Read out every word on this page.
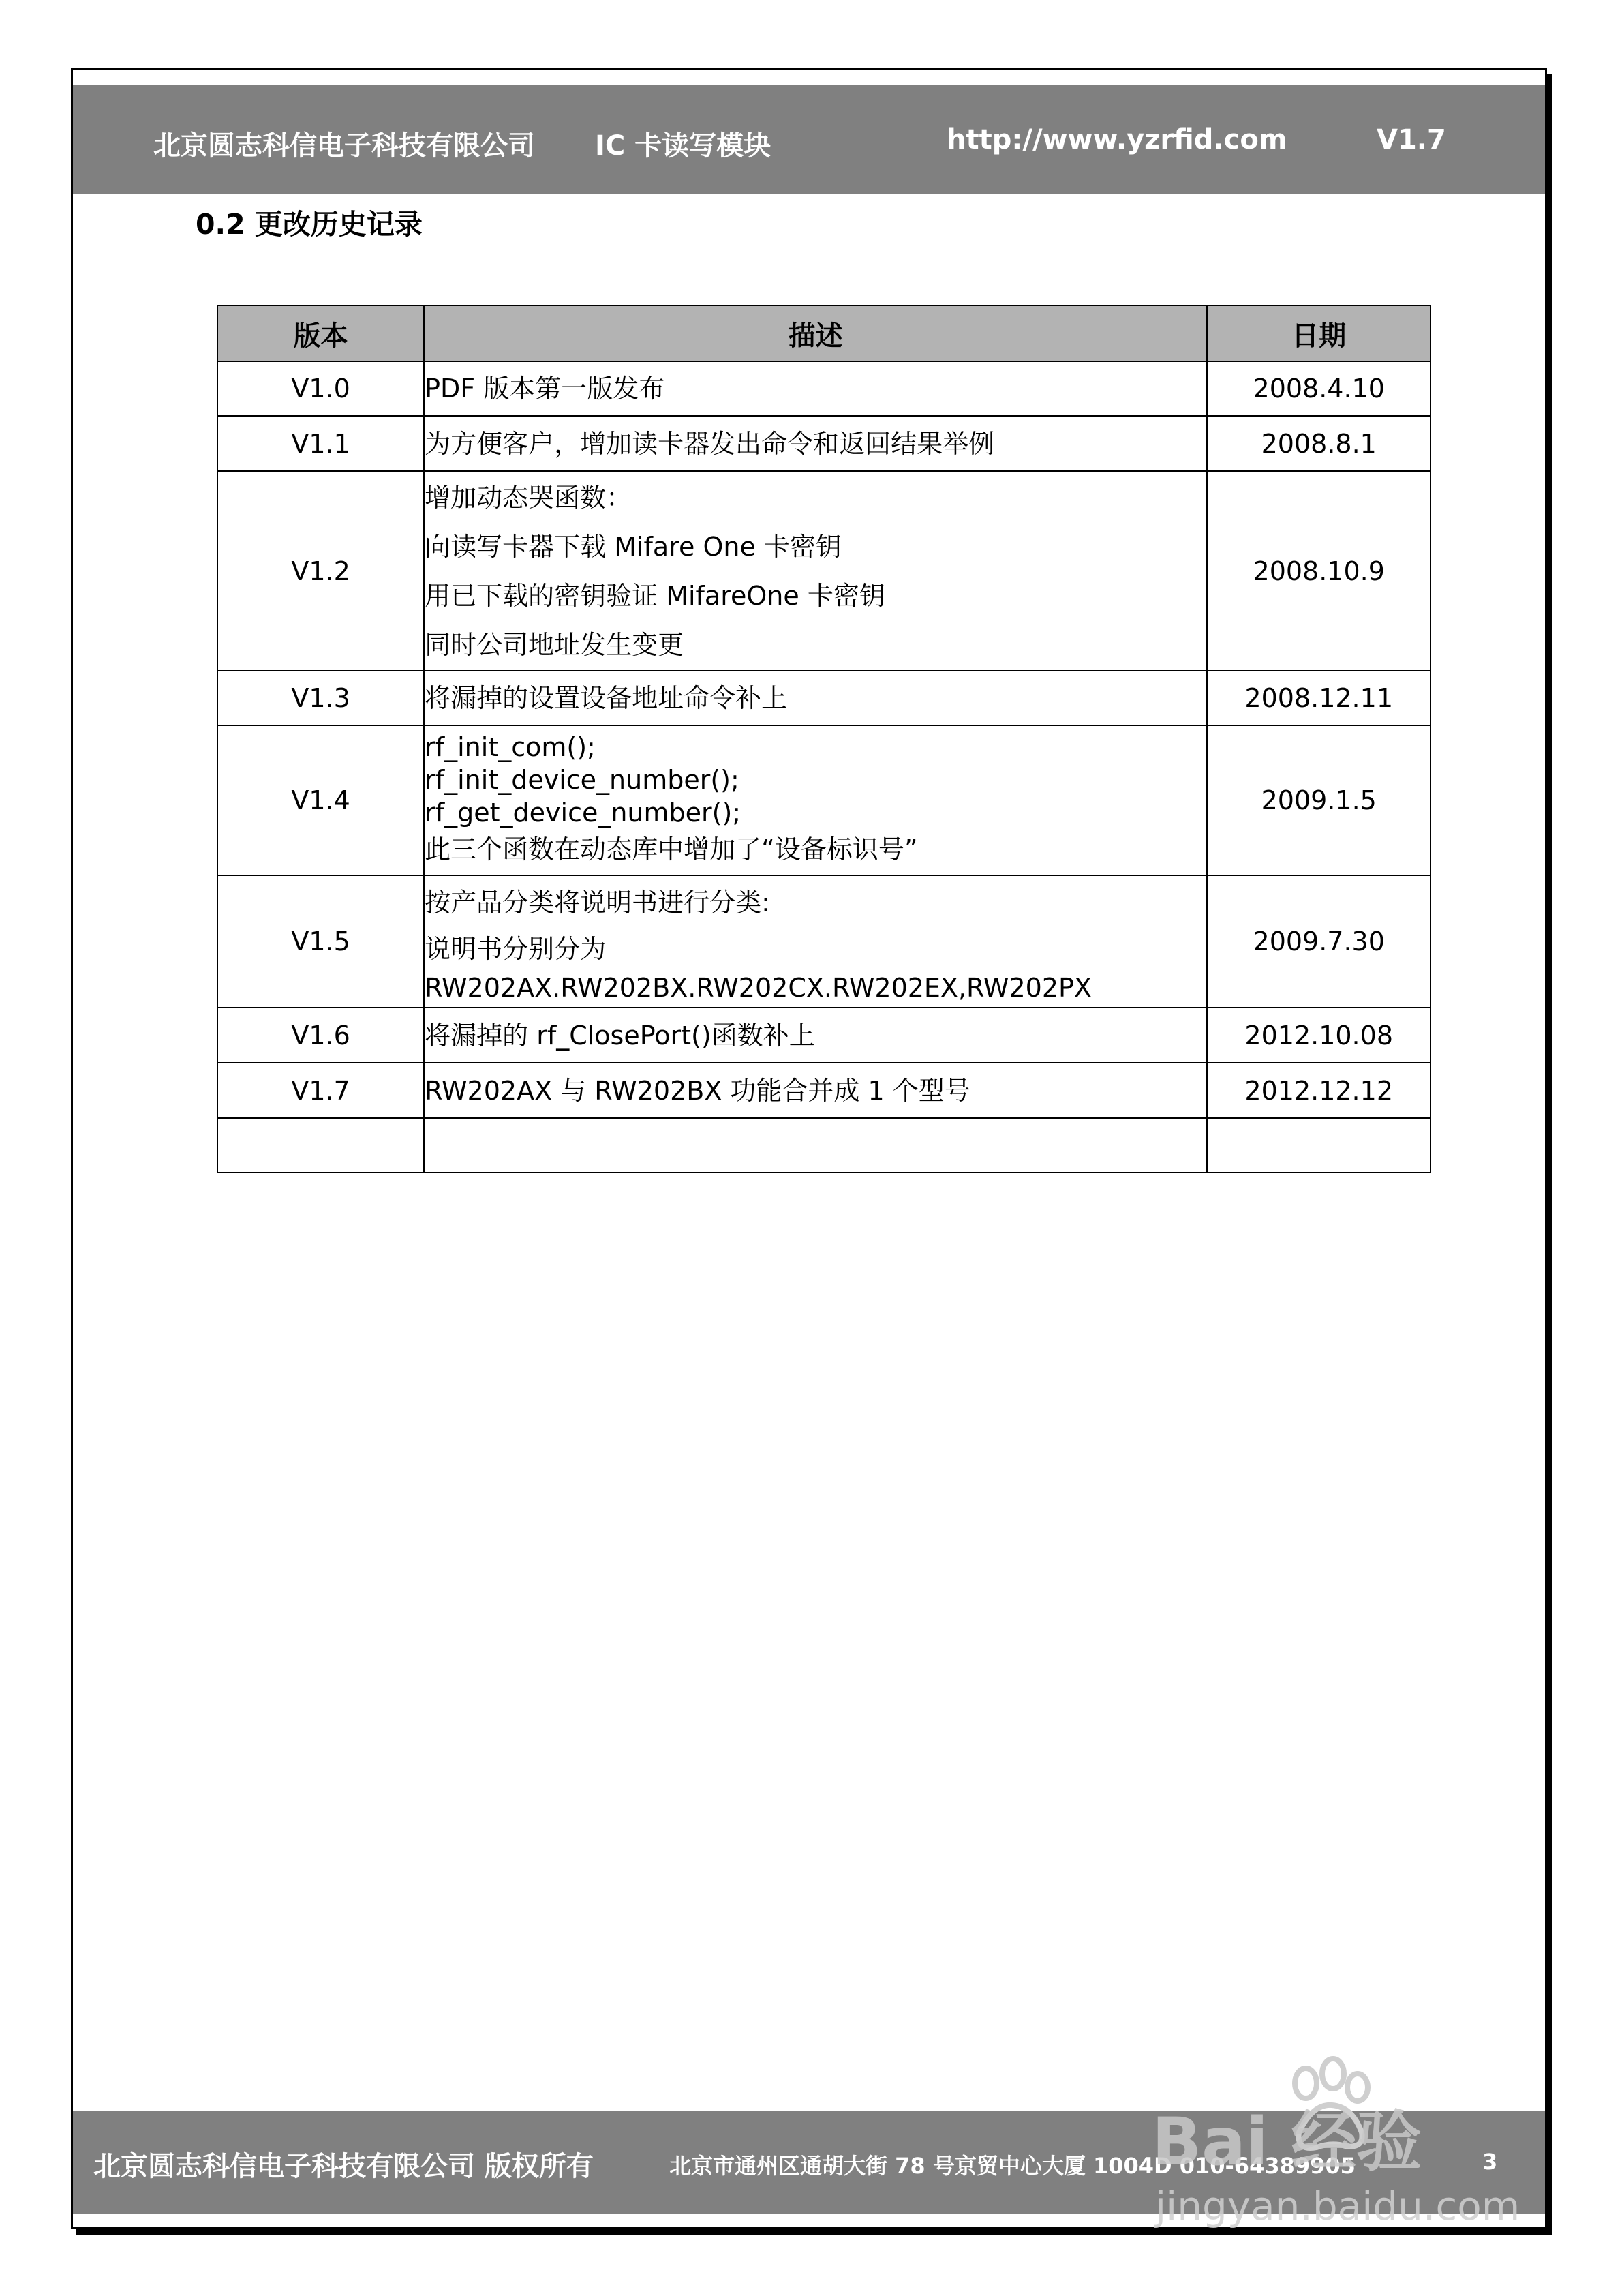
北京圆志科信电子科技有限公司 IC 卡读写模块	http://www.yzrfid.com	V1.7
0.2 更改历史记录
版本	描述	日期
V1.0	PDF 版本第一版发布	2008.4.10
V1.1	为方便客户，增加读卡器发出命令和返回结果举例	2008.8.1
V1.2	增加动态哭函数：
向读写卡器下载 Mifare One 卡密钥
用已下载的密钥验证 MifareOne 卡密钥
同时公司地址发生变更	2008.10.9
V1.3	将漏掉的设置设备地址命令补上	2008.12.11
V1.4	rf_init_com();
rf_init_device_number();
rf_get_device_number();
此三个函数在动态库中增加了“设备标识号”	2009.1.5
V1.5	按产品分类将说明书进行分类:
说明书分别分为
RW202AX.RW202BX.RW202CX.RW202EX,RW202PX	2009.7.30
V1.6	将漏掉的 rf_ClosePort()函数补上	2012.10.08
V1.7	RW202AX 与 RW202BX 功能合并成 1 个型号	2012.12.12

北京圆志科信电子科技有限公司 版权所有	北京市通州区通胡大街 78 号京贸中心大厦 1004D 010-64389905	3
Bai 经验
jingyan.baidu.com
